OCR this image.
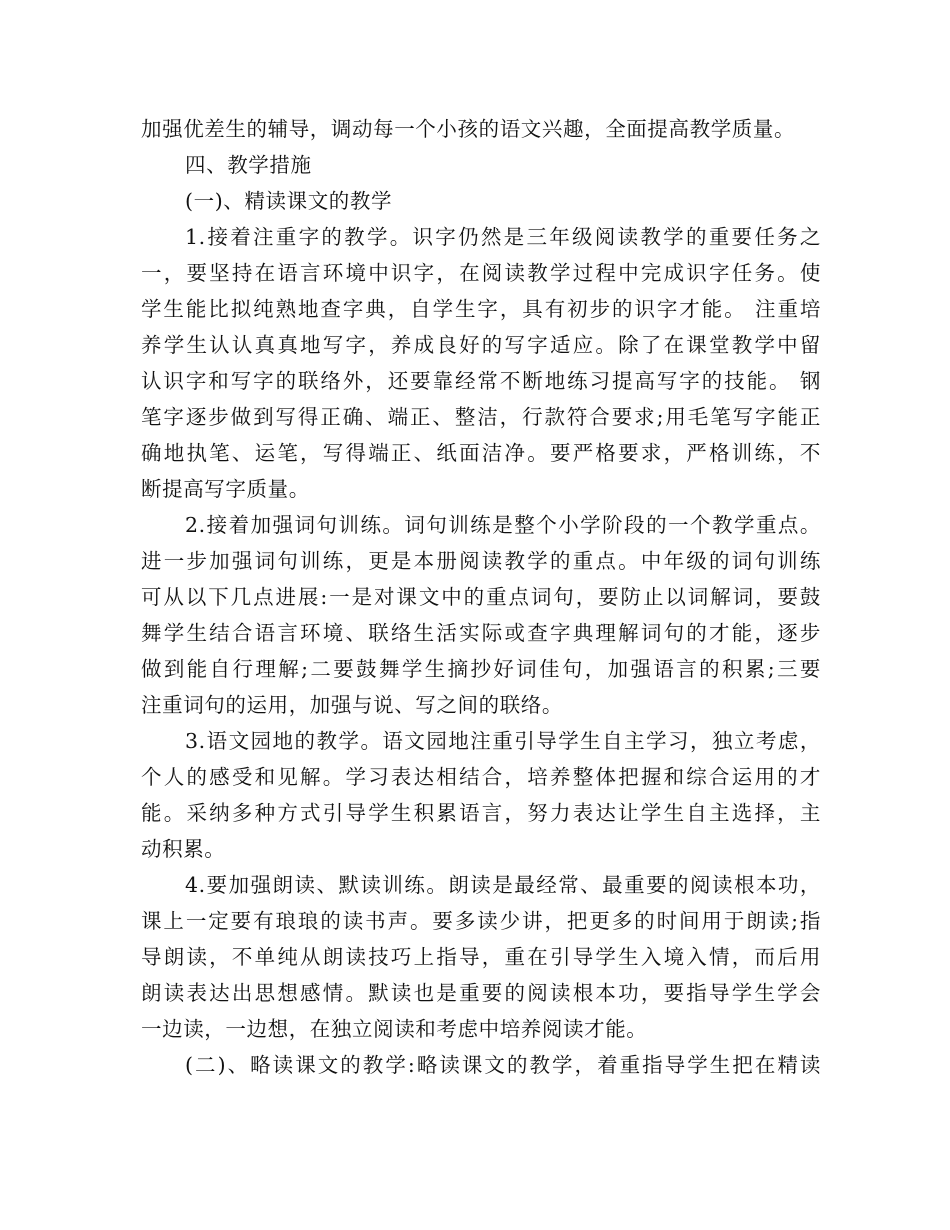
加强优差生的辅导，调动每一个小孩的语文兴趣，全面提高教学质量。
四、教学措施
(一)、精读课文的教学
1.接着注重字的教学。识字仍然是三年级阅读教学的重要任务之
一，要坚持在语言环境中识字，在阅读教学过程中完成识字任务。使
学生能比拟纯熟地查字典，自学生字，具有初步的识字才能。 注重培
养学生认认真真地写字，养成良好的写字适应。除了在课堂教学中留
认识字和写字的联络外，还要靠经常不断地练习提高写字的技能。 钢
笔字逐步做到写得正确、端正、整洁，行款符合要求;用毛笔写字能正
确地执笔、运笔，写得端正、纸面洁净。要严格要求，严格训练，不
断提高写字质量。
2.接着加强词句训练。词句训练是整个小学阶段的一个教学重点。
进一步加强词句训练，更是本册阅读教学的重点。中年级的词句训练
可从以下几点进展:一是对课文中的重点词句，要防止以词解词，要鼓
舞学生结合语言环境、联络生活实际或查字典理解词句的才能，逐步
做到能自行理解;二要鼓舞学生摘抄好词佳句，加强语言的积累;三要
注重词句的运用，加强与说、写之间的联络。
3.语文园地的教学。语文园地注重引导学生自主学习，独立考虑，
个人的感受和见解。学习表达相结合，培养整体把握和综合运用的才
能。采纳多种方式引导学生积累语言，努力表达让学生自主选择，主
动积累。
4.要加强朗读、默读训练。朗读是最经常、最重要的阅读根本功，
课上一定要有琅琅的读书声。要多读少讲，把更多的时间用于朗读;指
导朗读，不单纯从朗读技巧上指导，重在引导学生入境入情，而后用
朗读表达出思想感情。默读也是重要的阅读根本功，要指导学生学会
一边读，一边想，在独立阅读和考虑中培养阅读才能。
(二)、略读课文的教学:略读课文的教学，着重指导学生把在精读
